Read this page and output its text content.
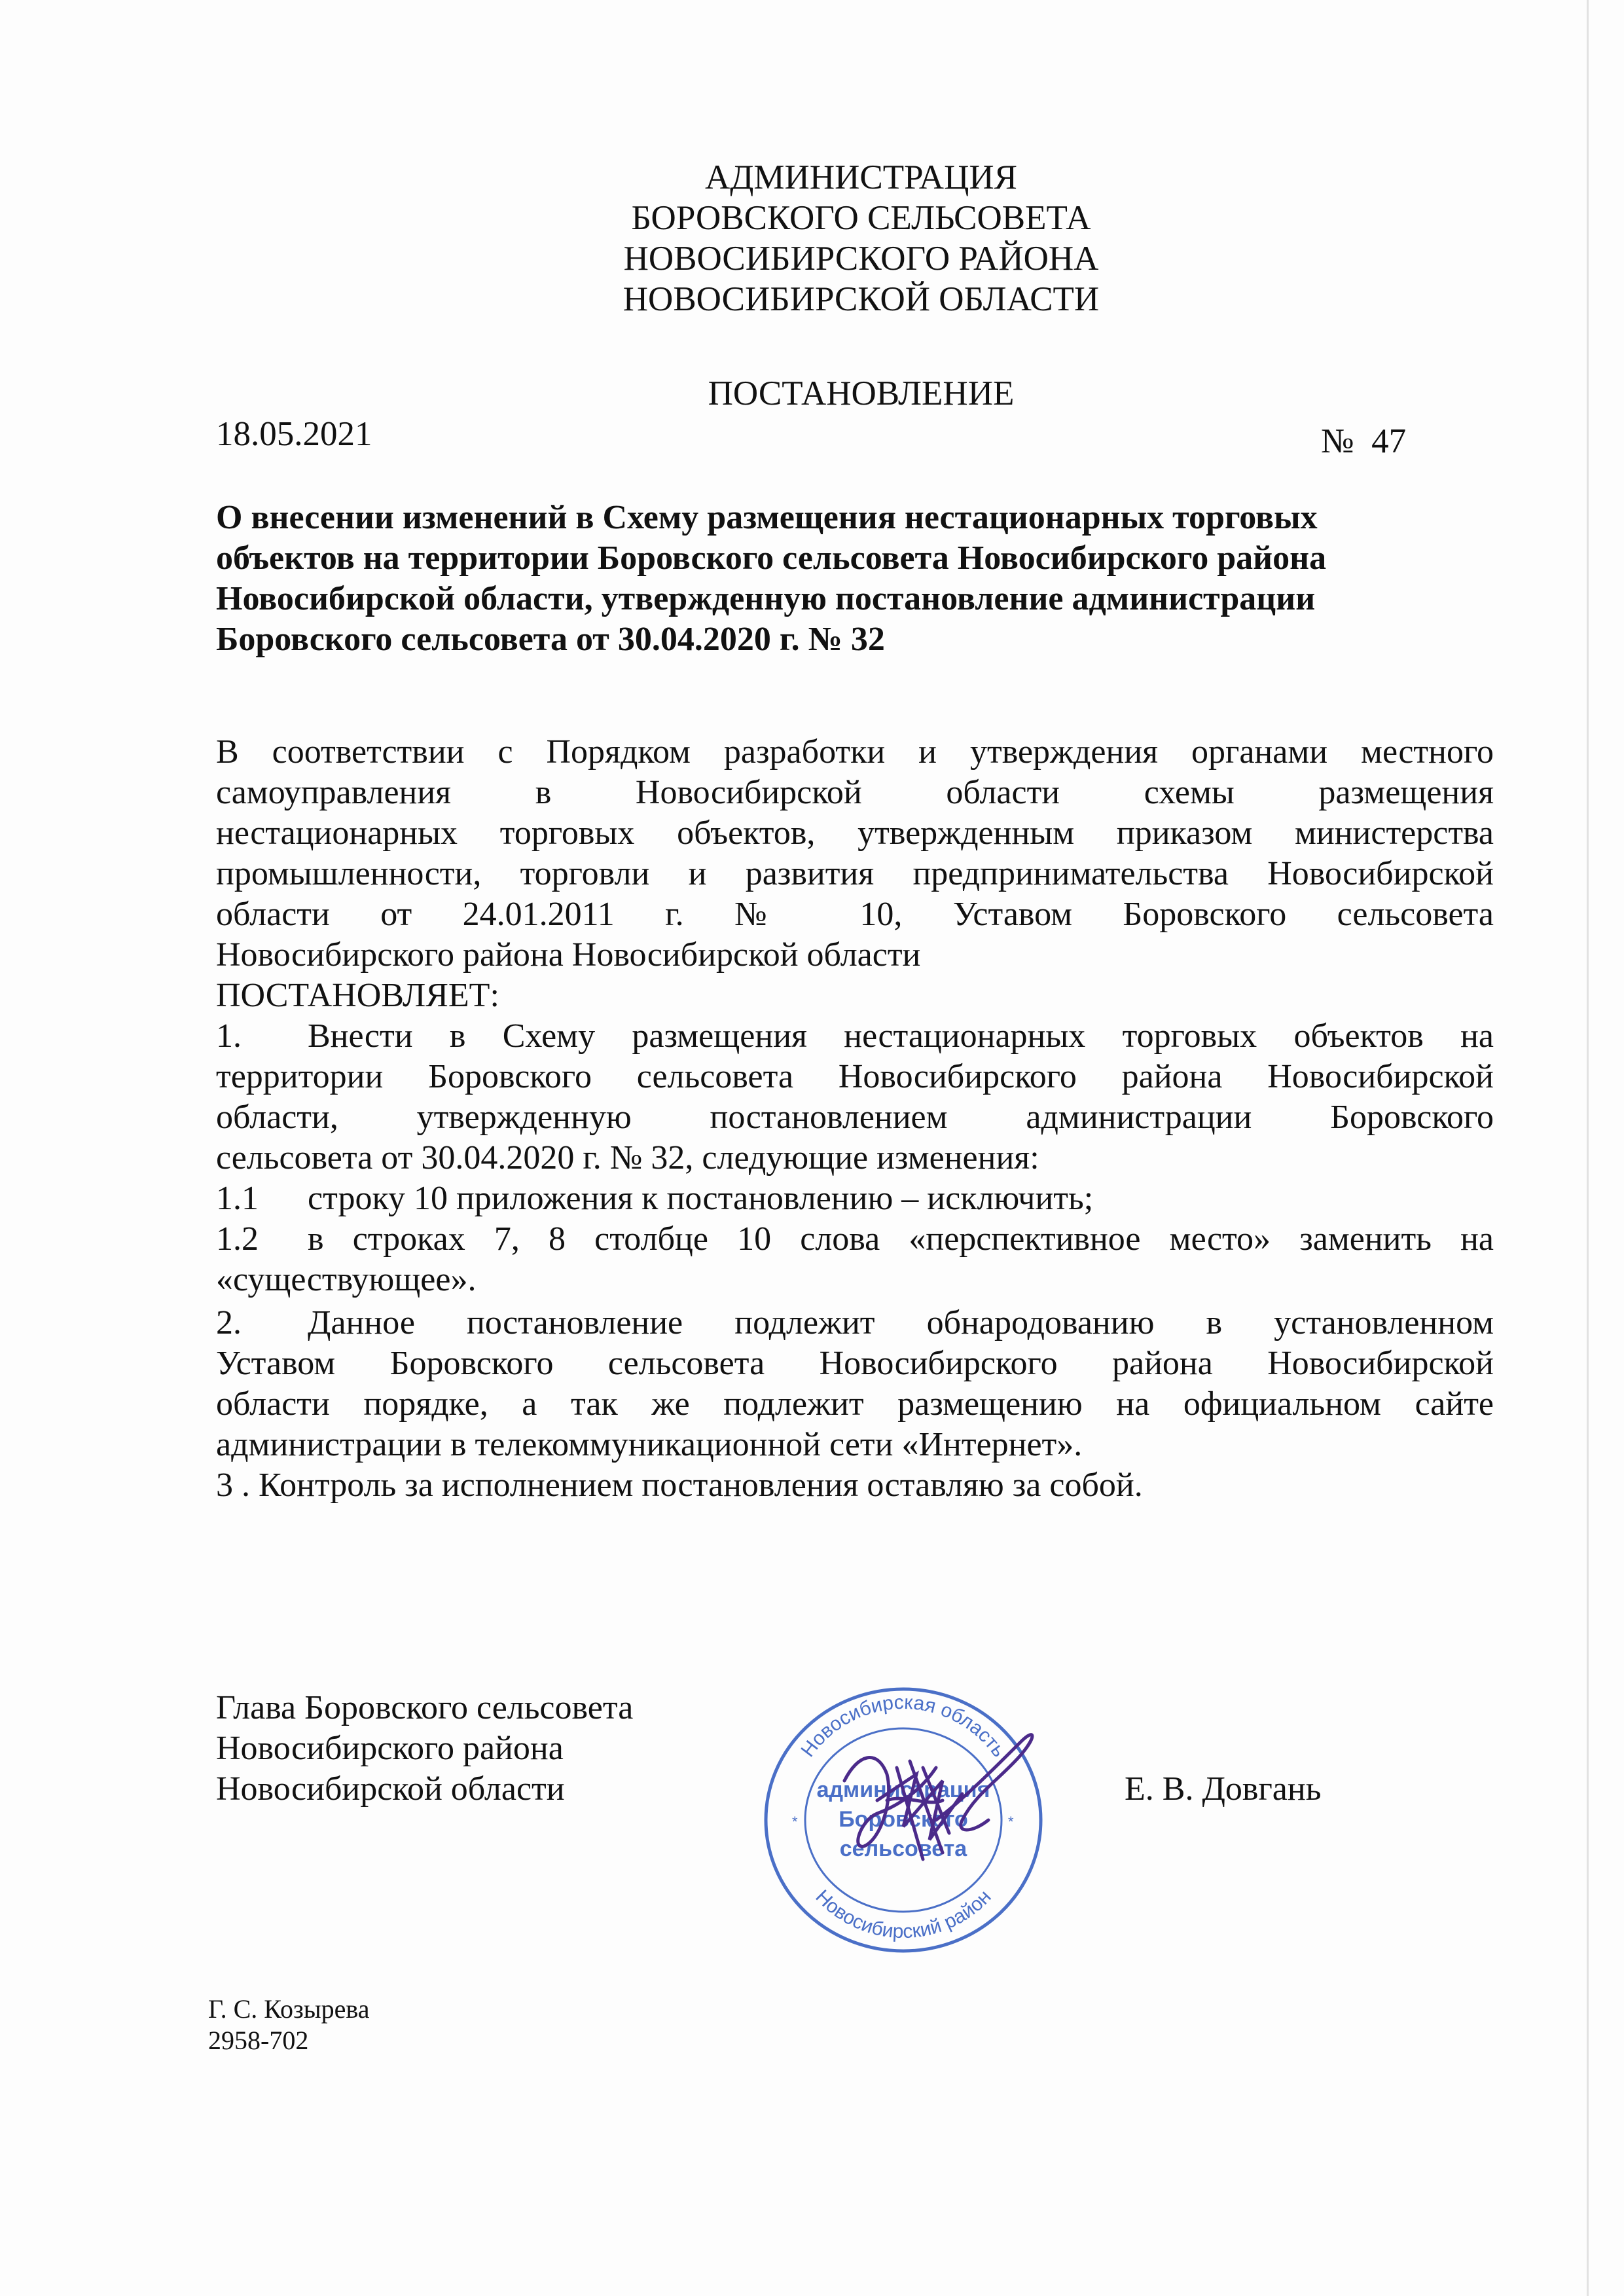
АДМИНИСТРАЦИЯ
БОРОВСКОГО СЕЛЬСОВЕТА
НОВОСИБИРСКОГО РАЙОНА
НОВОСИБИРСКОЙ ОБЛАСТИ
ПОСТАНОВЛЕНИЕ
18.05.2021	№  47
О внесении изменений в Схему размещения нестационарных торговых
объектов на территории Боровского сельсовета Новосибирского района
Новосибирской области, утвержденную постановление администрации
Боровского сельсовета от 30.04.2020 г. № 32
В соответствии с Порядком разработки и утверждения органами местного
самоуправления в Новосибирской области схемы размещения
нестационарных торговых объектов, утвержденным приказом министерства
промышленности, торговли и развития предпринимательства Новосибирской
области от 24.01.2011 г. № 10, Уставом Боровского сельсовета
Новосибирского района Новосибирской области
ПОСТАНОВЛЯЕТ:
1. Внести в Схему размещения нестационарных торговых объектов на
территории Боровского сельсовета Новосибирского района Новосибирской
области, утвержденную постановлением администрации Боровского
сельсовета от 30.04.2020 г. № 32, следующие изменения:
1.1 строку 10 приложения к постановлению – исключить;
1.2 в строках 7, 8 столбце 10 слова «перспективное место» заменить на
«существующее».
2. Данное постановление подлежит обнародованию в установленном
Уставом Боровского сельсовета Новосибирского района Новосибирской
области порядке, а так же подлежит размещению на официальном сайте
администрации в телекоммуникационной сети «Интернет».
3 . Контроль за исполнением постановления оставляю за собой.
Глава Боровского сельсовета
Новосибирского района
Новосибирской области	Е. В. Довгань
Новосибирская область
Новосибирский район
*	*
администрация
Боровского
сельсовета
Г. С. Козырева
2958-702
